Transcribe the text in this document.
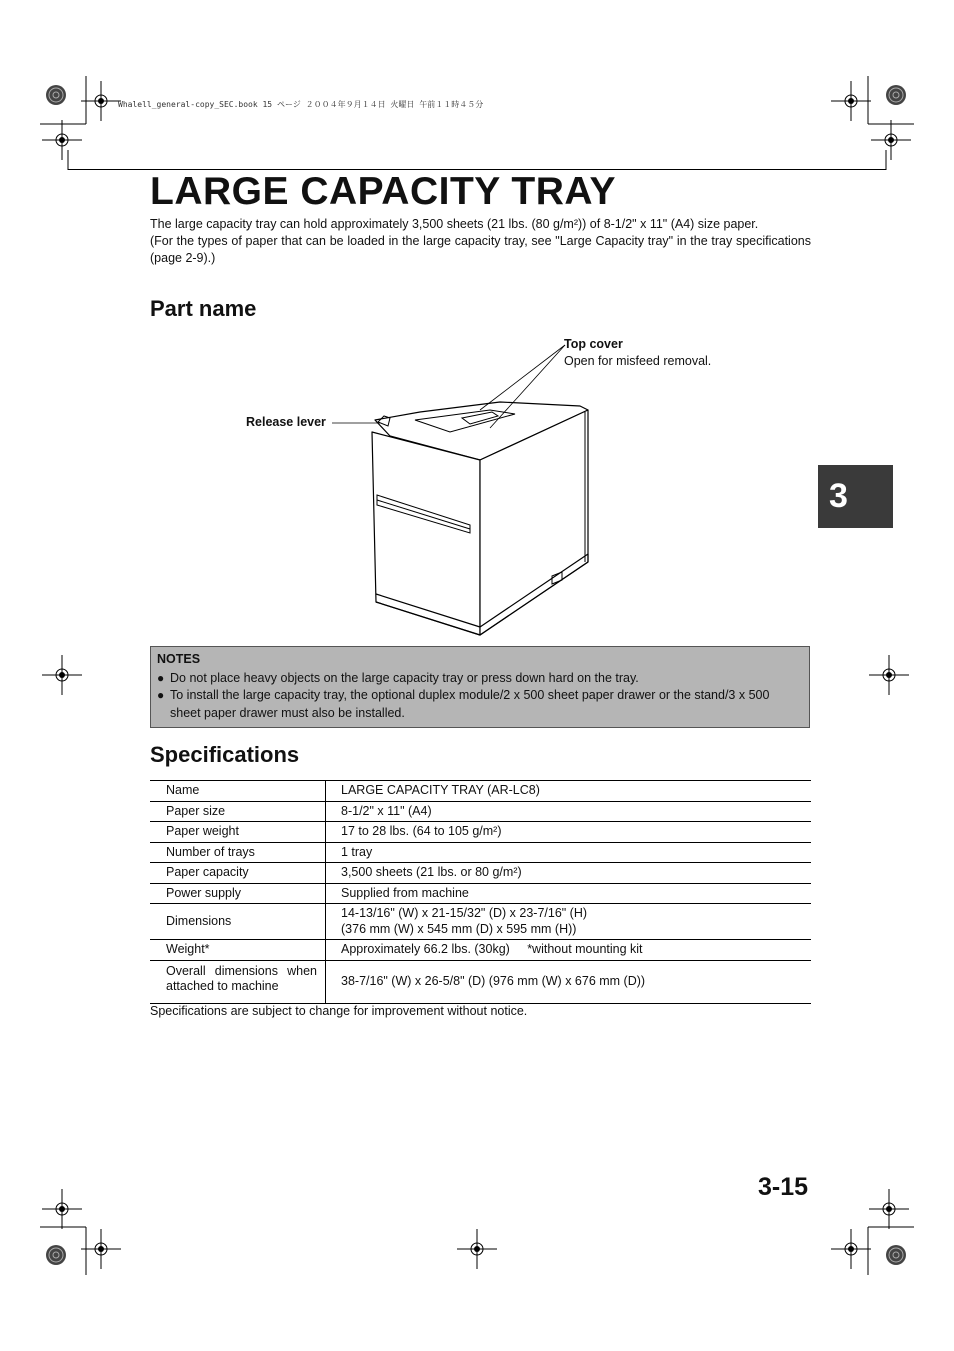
Whalell_general-copy_SEC.book 15 ページ ２００４年９月１４日 火曜日 午前１１時４５分
LARGE CAPACITY TRAY

The large capacity tray can hold approximately 3,500 sheets (21 lbs. (80 g/m²)) of 8-1/2" x 11" (A4) size paper.

(For the types of paper that can be loaded in the large capacity tray, see "Large Capacity tray" in the tray specifications (page 2-9).)

Part name
Top cover
Open for misfeed removal.
Release lever
NOTES
● Do not place heavy objects on the large capacity tray or press down hard on the tray.
● To install the large capacity tray, the optional duplex module/2 x 500 sheet paper drawer or the stand/3 x 500 sheet paper drawer must also be installed.
Specifications
Name	LARGE CAPACITY TRAY (AR-LC8)
Paper size	8-1/2" x 11" (A4)
Paper weight	17 to 28 lbs. (64 to 105 g/m²)
Number of trays	1 tray
Paper capacity	3,500 sheets (21 lbs. or 80 g/m²)
Power supply	Supplied from machine
Dimensions	14-13/16" (W) x 21-15/32" (D) x 23-7/16" (H)
(376 mm (W) x 545 mm (D) x 595 mm (H))

Weight*	Approximately 66.2 lbs. (30kg)     *without mounting kit

Overall dimensions when
attached to machine	38-7/16" (W) x 26-5/8" (D) (976 mm (W) x 676 mm (D))
Specifications are subject to change for improvement without notice.
3
3-15
